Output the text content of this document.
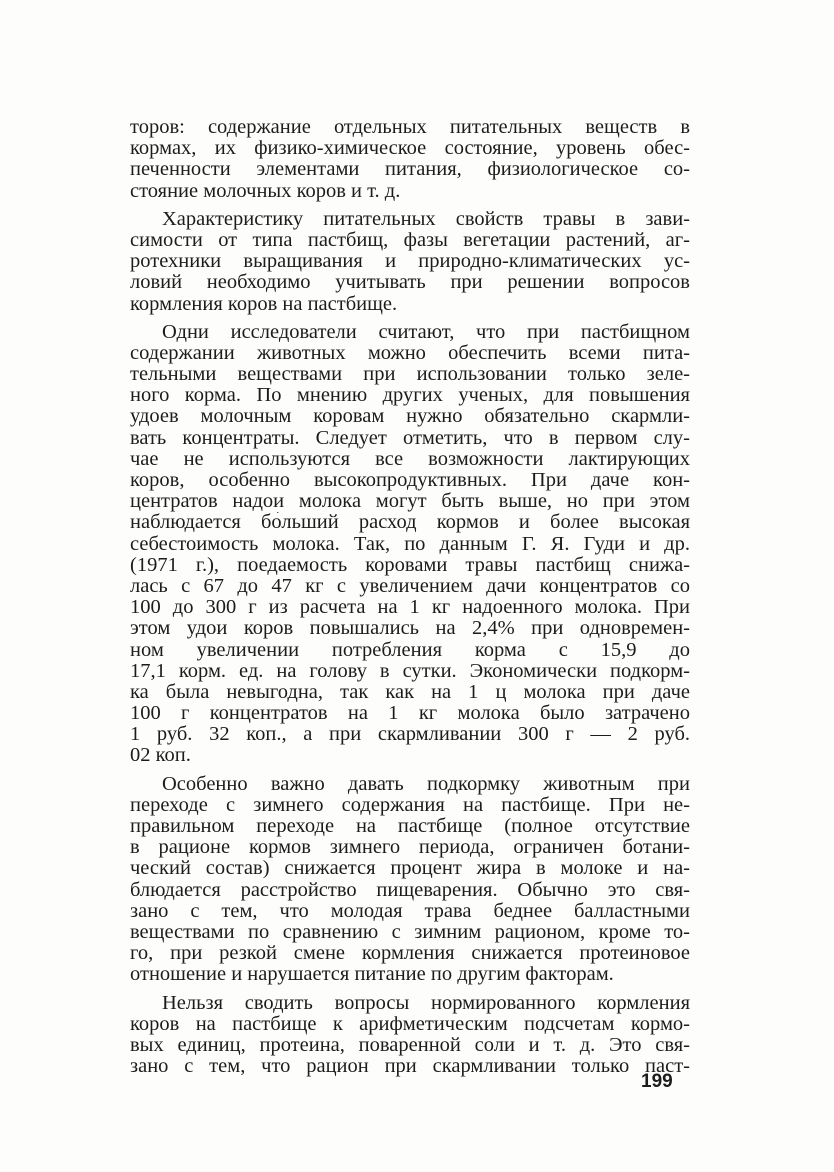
торов: содержание отдельных питательных веществ в
кормах, их физико-химическое состояние, уровень обес-
печенности элементами питания, физиологическое со-
стояние молочных коров и т. д.
Характеристику питательных свойств травы в зави-
симости от типа пастбищ, фазы вегетации растений, аг-
ротехники выращивания и природно-климатических ус-
ловий необходимо учитывать при решении вопросов
кормления коров на пастбище.
Одни исследователи считают, что при пастбищном
содержании животных можно обеспечить всеми пита-
тельными веществами при использовании только зеле-
ного корма. По мнению других ученых, для повышения
удоев молочным коровам нужно обязательно скармли-
вать концентраты. Следует отметить, что в первом слу-
чае не используются все возможности лактирующих
коров, особенно высокопродуктивных. При даче кон-
центратов надои молока могут быть выше, но при этом
наблюдается бо́льший расход кормов и более высокая
себестоимость молока. Так, по данным Г. Я. Гуди и др.
(1971 г.), поедаемость коровами травы пастбищ снижа-
лась с 67 до 47 кг с увеличением дачи концентратов со
100 до 300 г из расчета на 1 кг надоенного молока. При
этом удои коров повышались на 2,4% при одновремен-
ном увеличении потребления корма с 15,9 до
17,1 корм. ед. на голову в сутки. Экономически подкорм-
ка была невыгодна, так как на 1 ц молока при даче
100 г концентратов на 1 кг молока было затрачено
1 руб. 32 коп., а при скармливании 300 г — 2 руб.
02 коп.
Особенно важно давать подкормку животным при
переходе с зимнего содержания на пастбище. При не-
правильном переходе на пастбище (полное отсутствие
в рационе кормов зимнего периода, ограничен ботани-
ческий состав) снижается процент жира в молоке и на-
блюдается расстройство пищеварения. Обычно это свя-
зано с тем, что молодая трава беднее балластными
веществами по сравнению с зимним рационом, кроме то-
го, при резкой смене кормления снижается протеиновое
отношение и нарушается питание по другим факторам.
Нельзя сводить вопросы нормированного кормления
коров на пастбище к арифметическим подсчетам кормо-
вых единиц, протеина, поваренной соли и т. д. Это свя-
зано с тем, что рацион при скармливании только паст-
199
